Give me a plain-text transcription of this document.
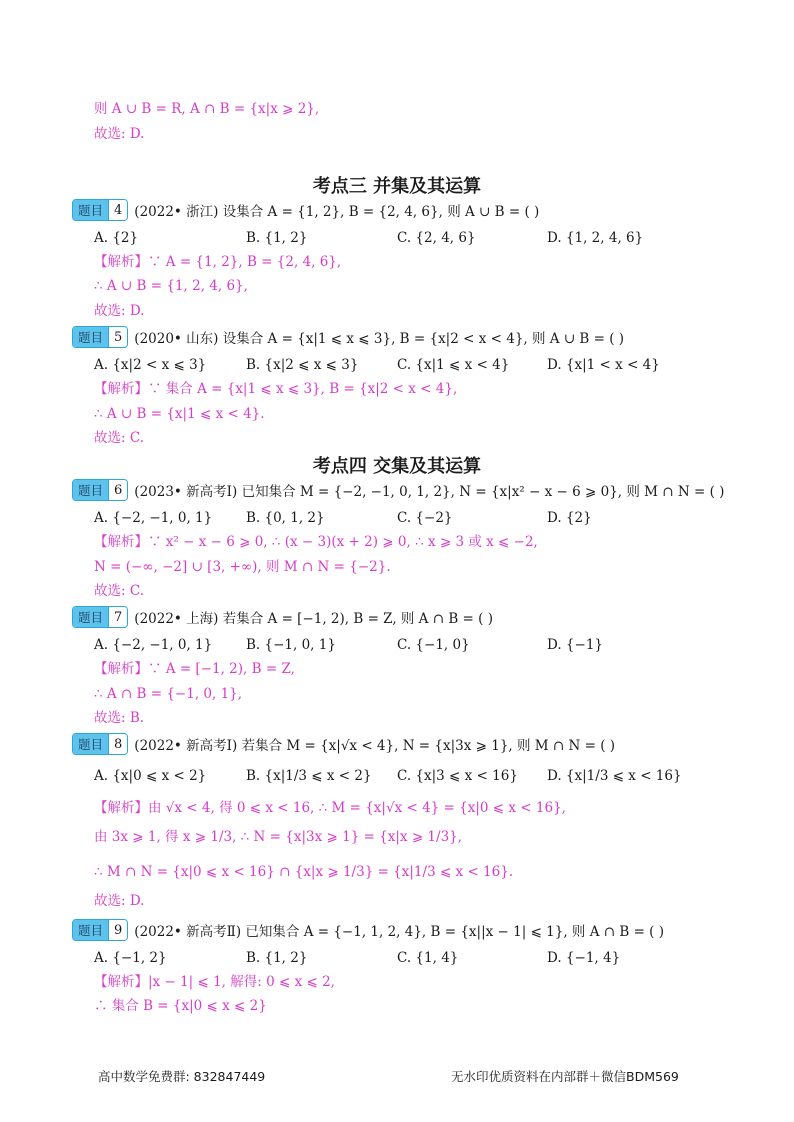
则 A ∪ B = R, A ∩ B = {x|x ⩾ 2},
故选: D.
考点三 并集及其运算
题目 4 (2022• 浙江) 设集合 A = {1, 2}, B = {2, 4, 6}, 则 A ∪ B = ( )
A. {2}	B. {1, 2}	C. {2, 4, 6}	D. {1, 2, 4, 6}
【解析】∵ A = {1, 2}, B = {2, 4, 6},
∴ A ∪ B = {1, 2, 4, 6},
故选: D.
题目 5 (2020• 山东) 设集合 A = {x|1 ⩽ x ⩽ 3}, B = {x|2 < x < 4}, 则 A ∪ B = ( )
A. {x|2 < x ⩽ 3}	B. {x|2 ⩽ x ⩽ 3}	C. {x|1 ⩽ x < 4}	D. {x|1 < x < 4}
【解析】∵ 集合 A = {x|1 ⩽ x ⩽ 3}, B = {x|2 < x < 4},
∴ A ∪ B = {x|1 ⩽ x < 4}.
故选: C.
考点四 交集及其运算
题目 6 (2023• 新高考Ⅰ) 已知集合 M = {−2, −1, 0, 1, 2}, N = {x|x² − x − 6 ⩾ 0}, 则 M ∩ N = ( )
A. {−2, −1, 0, 1}	B. {0, 1, 2}	C. {−2}	D. {2}
【解析】∵ x² − x − 6 ⩾ 0, ∴ (x − 3)(x + 2) ⩾ 0, ∴ x ⩾ 3 或 x ⩽ −2,
N = (−∞, −2] ∪ [3, +∞), 则 M ∩ N = {−2}.
故选: C.
题目 7 (2022• 上海) 若集合 A = [−1, 2), B = Z, 则 A ∩ B = ( )
A. {−2, −1, 0, 1}	B. {−1, 0, 1}	C. {−1, 0}	D. {−1}
【解析】∵ A = [−1, 2), B = Z,
∴ A ∩ B = {−1, 0, 1},
故选: B.
题目 8 (2022• 新高考Ⅰ) 若集合 M = {x|√x < 4}, N = {x|3x ⩾ 1}, 则 M ∩ N = ( )
A. {x|0 ⩽ x < 2}	B. {x|1/3 ⩽ x < 2} C. {x|3 ⩽ x < 16} D. {x|1/3 ⩽ x < 16}
【解析】由 √x < 4, 得 0 ⩽ x < 16, ∴ M = {x|√x < 4} = {x|0 ⩽ x < 16},
由 3x ⩾ 1, 得 x ⩾ 1/3, ∴ N = {x|3x ⩾ 1} = {x|x ⩾ 1/3},
∴ M ∩ N = {x|0 ⩽ x < 16} ∩ {x|x ⩾ 1/3} = {x|1/3 ⩽ x < 16}.
故选: D.
题目 9 (2022• 新高考Ⅱ) 已知集合 A = {−1, 1, 2, 4}, B = {x||x − 1| ⩽ 1}, 则 A ∩ B = ( )
A. {−1, 2}	B. {1, 2}	C. {1, 4}	D. {−1, 4}
【解析】|x − 1| ⩽ 1, 解得: 0 ⩽ x ⩽ 2,
∴ 集合 B = {x|0 ⩽ x ⩽ 2}
高中数学免费群: 832847449	无水印优质资料在内部群＋微信BDM569
